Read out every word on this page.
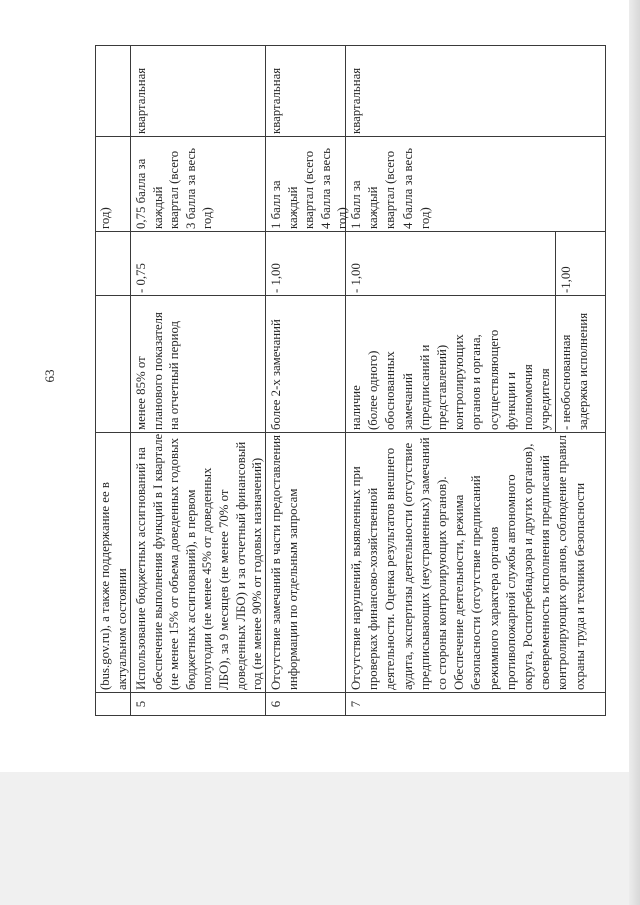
63
(bus.gov.ru), а также поддержание ее в
актуальном состоянии
год)
5
Использование бюджетных ассигнований на
обеспечение выполнения функций в I квартале
(не менее 15% от объема доведенных годовых
бюджетных ассигнований), в первом
полугодии (не менее 45% от доведенных
ЛБО), за 9 месяцев (не менее 70% от
доведенных ЛБО) и за отчетный финансовый
год (не менее 90% от годовых назначений)
менее 85% от
планового показателя
на отчетный период
- 0,75
0,75 балла за
каждый
квартал (всего
3 балла за весь
год)
квартальная
6
Отсутствие замечаний в части предоставления
информации по отдельным запросам
более 2-х замечаний
- 1,00
1 балл за
каждый
квартал (всего
4 балла за весь
год)
квартальная
7
Отсутствие нарушений, выявленных при
проверках финансово-хозяйственной
деятельности. Оценка результатов внешнего
аудита, экспертизы деятельности (отсутствие
предписывающих (неустраненных) замечаний
со стороны контролирующих органов).
Обеспечение деятельности, режима
безопасности (отсутствие предписаний
режимного характера органов
противопожарной службы автономного
округа, Роспотребнадзора и других органов),
своевременность исполнения предписаний
контролирующих органов, соблюдение правил
охраны труда и техники безопасности
наличие
(более одного)
обоснованных
замечаний
(предписаний и
представлений)
контролирующих
органов и органа,
осуществляющего
функции и
полномочия
учредителя
- 1,00
- необоснованная
задержка исполнения
-1,00
1 балл за
каждый
квартал (всего
4 балла за весь
год)
квартальная
